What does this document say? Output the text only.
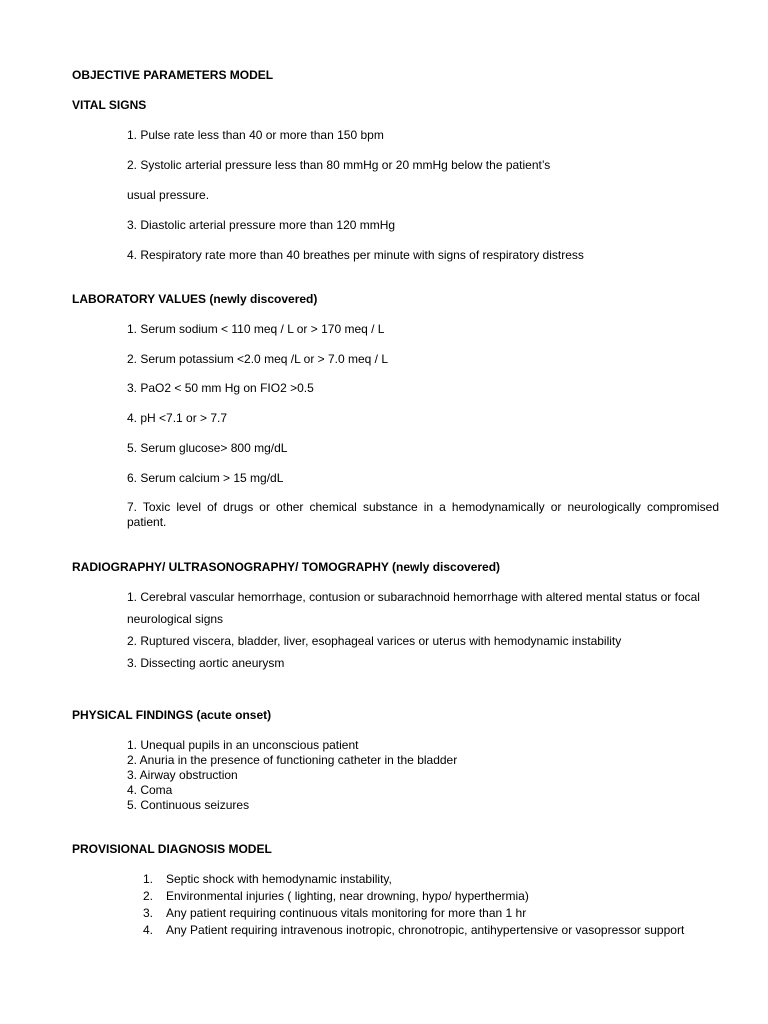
OBJECTIVE PARAMETERS MODEL
VITAL SIGNS
1. Pulse rate less than 40 or more than 150 bpm
2. Systolic arterial pressure less than 80 mmHg or 20 mmHg below the patient’s
usual pressure.
3. Diastolic arterial pressure more than 120 mmHg
4. Respiratory rate more than 40 breathes per minute with signs of respiratory distress
LABORATORY VALUES (newly discovered)
1. Serum sodium < 110 meq / L or > 170 meq / L
2. Serum potassium <2.0 meq /L or > 7.0 meq / L
3. PaO2 < 50 mm Hg on FIO2 >0.5
4. pH <7.1 or > 7.7
5. Serum glucose> 800 mg/dL
6. Serum calcium > 15 mg/dL
7. Toxic level of drugs or other chemical substance in a hemodynamically or neurologically compromised patient.
RADIOGRAPHY/ ULTRASONOGRAPHY/ TOMOGRAPHY (newly discovered)
1. Cerebral vascular hemorrhage, contusion or subarachnoid hemorrhage with altered mental status or focal
neurological signs
2. Ruptured viscera, bladder, liver, esophageal varices or uterus with hemodynamic instability
3. Dissecting aortic aneurysm
PHYSICAL FINDINGS (acute onset)
1. Unequal pupils in an unconscious patient
2. Anuria in the presence of functioning catheter in the bladder
3. Airway obstruction
4. Coma
5. Continuous seizures
PROVISIONAL DIAGNOSIS MODEL
1. Septic shock with hemodynamic instability,
2. Environmental injuries ( lighting, near drowning, hypo/ hyperthermia)
3. Any patient requiring continuous vitals monitoring for more than 1 hr
4. Any Patient requiring intravenous inotropic, chronotropic, antihypertensive or vasopressor support
